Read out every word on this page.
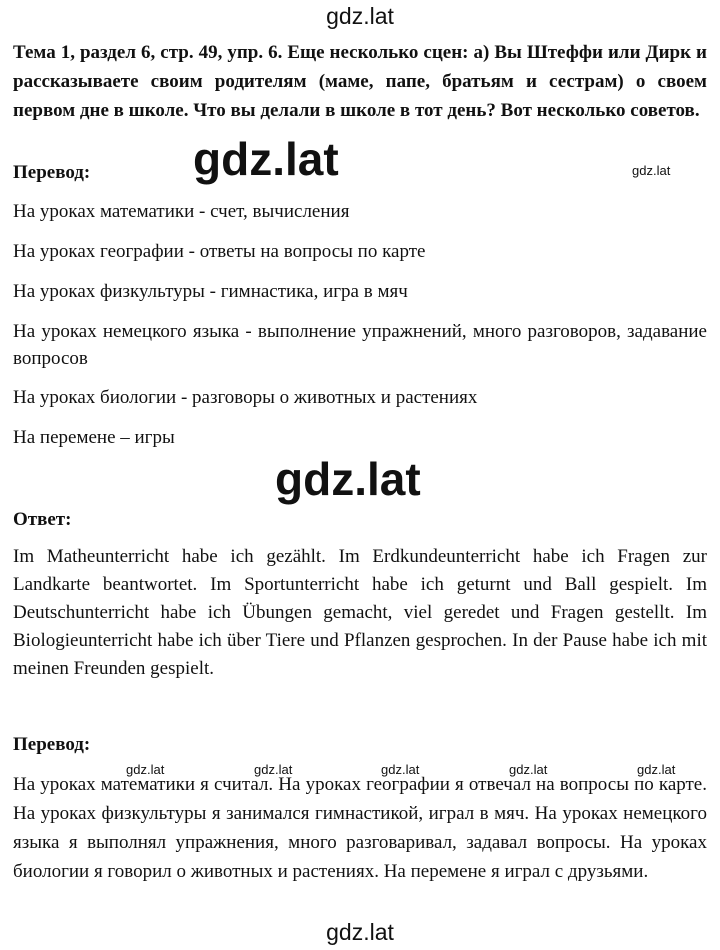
Тема 1, раздел 6, стр. 49, упр. 6. Еще несколько сцен: а) Вы Штеффи или Дирк и рассказываете своим родителям (маме, папе, братьям и сестрам) о своем первом дне в школе. Что вы делали в школе в тот день? Вот несколько советов.
Перевод:
На уроках математики - счет, вычисления
На уроках географии - ответы на вопросы по карте
На уроках физкультуры - гимнастика, игра в мяч
На уроках немецкого языка - выполнение упражнений, много разговоров, задавание вопросов
На уроках биологии - разговоры о животных и растениях
На перемене – игры
Ответ:
Im Matheunterricht habe ich gezählt. Im Erdkundeunterricht habe ich Fragen zur Landkarte beantwortet. Im Sportunterricht habe ich geturnt und Ball gespielt. Im Deutschunterricht habe ich Übungen gemacht, viel geredet und Fragen gestellt. Im Biologieunterricht habe ich über Tiere und Pflanzen gesprochen. In der Pause habe ich mit meinen Freunden gespielt.
Перевод:
На уроках математики я считал. На уроках географии я отвечал на вопросы по карте. На уроках физкультуры я занимался гимнастикой, играл в мяч. На уроках немецкого языка я выполнял упражнения, много разговаривал, задавал вопросы. На уроках биологии я говорил о животных и растениях. На перемене я играл с друзьями.
gdz.lat
gdz.lat
gdz.lat
gdz.lat
gdz.lat	gdz.lat	gdz.lat	gdz.lat	gdz.lat
gdz.lat
